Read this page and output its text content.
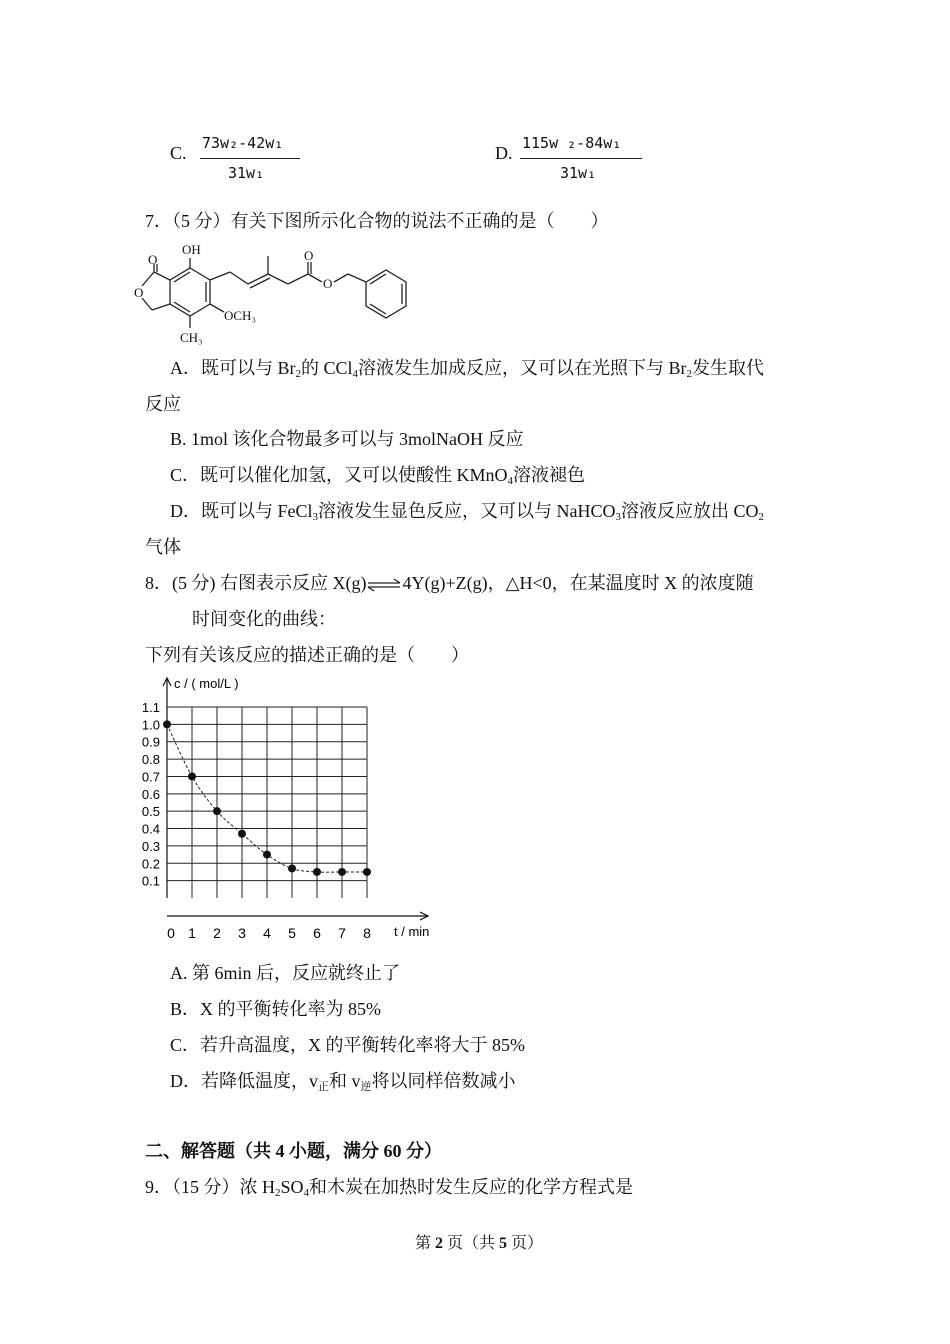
C. 73w₂-42w₁
31w₁
D. 115w ₂-84w₁
31w₁
7．（5 分）有关下图所示化合物的说法不正确的是（　　）
O
O
OH
OCH₃
CH₃
O
O
A．既可以与 $Br_2$的 CCl$_4$溶液发生加成反应，又可以在光照下与 $Br_2$发生取代
反应
B. 1mol 该化合物最多可以与 3molNaOH 反应
C．既可以催化加氢，又可以使酸性 KMnO$_4$溶液褪色
D．既可以与 FeCl$_3$溶液发生显色反应，又可以与 NaHCO$_3$溶液反应放出 $CO_2$
气体
8．(5 分) 右图表示反应 X(g)⇌4Y(g)+Z(g)，△H<0，在某温度时 X 的浓度随
时间变化的曲线：
下列有关该反应的描述正确的是（　　）
0 1 2 3 4 5 6 7 8
0.1
0.2
0.3
0.4
0.5
0.6
0.7
0.8
0.9
1.0
1.1
c / ( mol/L )
t / min
A. 第 6min 后，反应就终止了
B．X 的平衡转化率为 85%
C．若升高温度，X 的平衡转化率将大于 85%
D．若降低温度，$v_正$和 $v_逆$将以同样倍数减小
二、解答题（共 4 小题，满分 60 分）
9．（15 分）浓 $H_2SO_4$和木炭在加热时发生反应的化学方程式是
第 2 页（共 5 页）
